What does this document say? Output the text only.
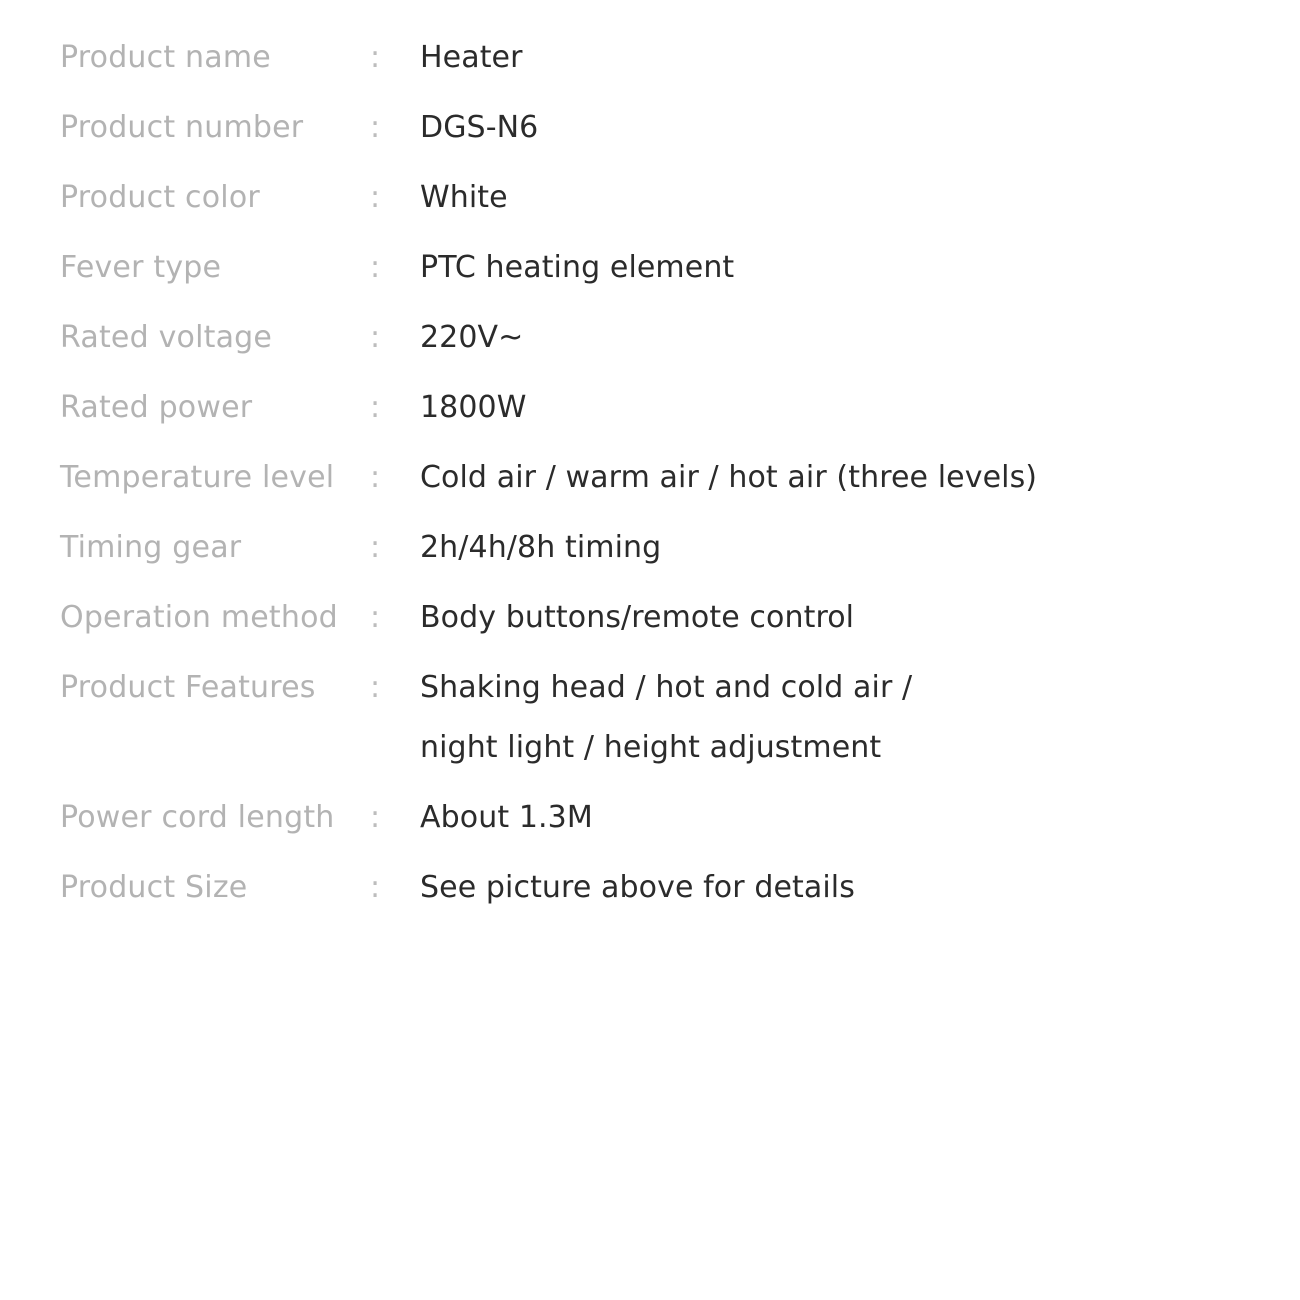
Product name	:	Heater
Product number	:	DGS-N6
Product color	:	White
Fever type	:	PTC heating element
Rated voltage	:	220V~
Rated power	:	1800W
Temperature level	:	Cold air / warm air / hot air (three levels)
Timing gear	:	2h/4h/8h timing
Operation method	:	Body buttons/remote control
Product Features	:	Shaking head / hot and cold air /
night light / height adjustment
Power cord length	:	About 1.3M
Product Size	:	See picture above for details
